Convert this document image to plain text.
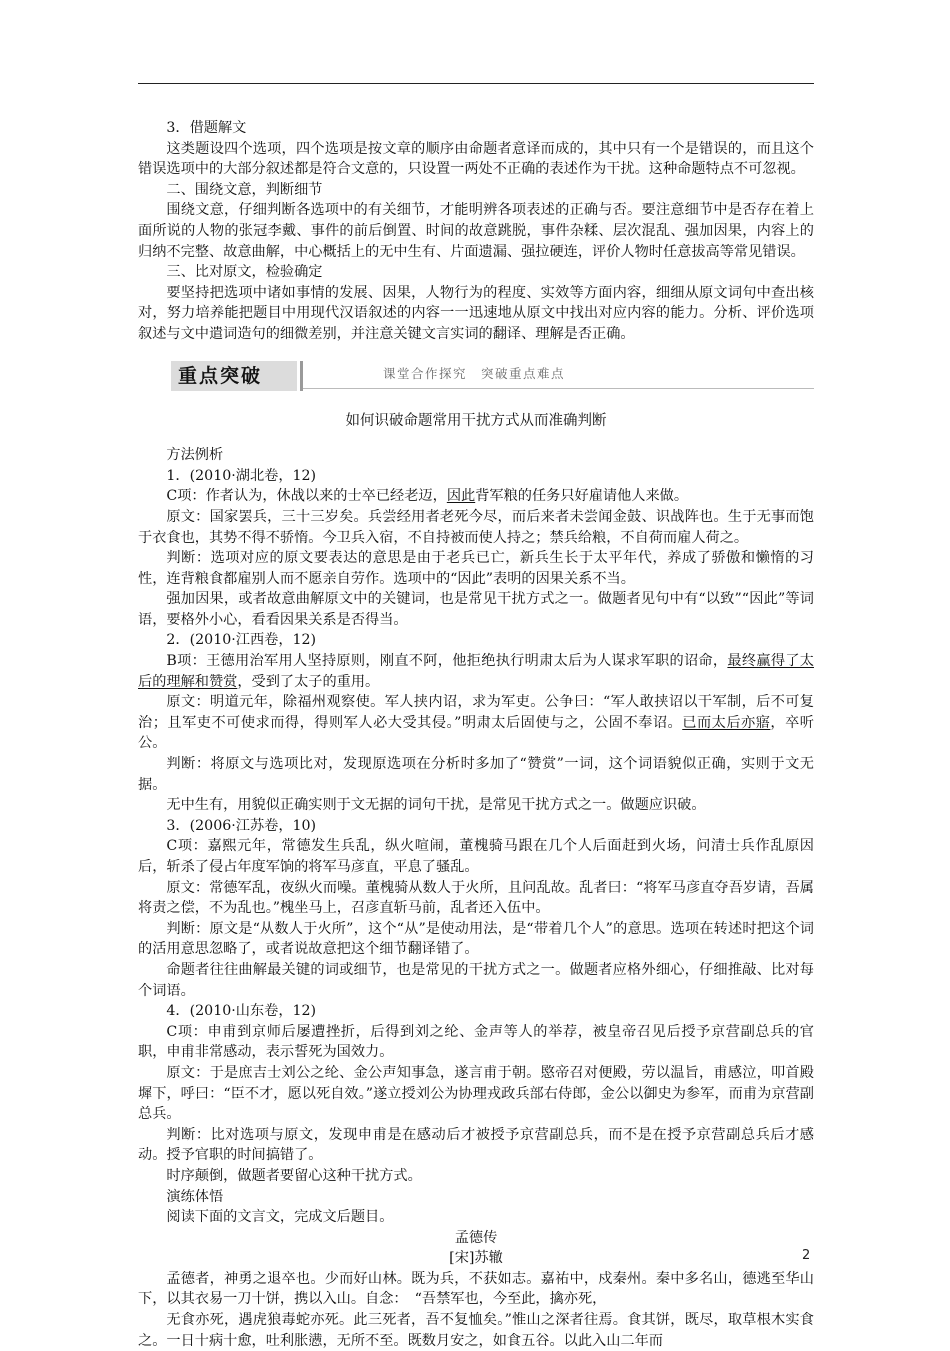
3．借题解文

这类题设四个选项，四个选项是按文章的顺序由命题者意译而成的，其中只有一个是错误的，而且这个错误选项中的大部分叙述都是符合文意的，只设置一两处不正确的表述作为干扰。这种命题特点不可忽视。

二、围绕文意，判断细节

围绕文意，仔细判断各选项中的有关细节，才能明辨各项表述的正确与否。要注意细节中是否存在着上面所说的人物的张冠李戴、事件的前后倒置、时间的故意跳脱，事件杂糅、层次混乱、强加因果，内容上的归纳不完整、故意曲解，中心概括上的无中生有、片面遗漏、强拉硬连，评价人物时任意拔高等常见错误。

三、比对原文，检验确定

要坚持把选项中诸如事情的发展、因果，人物行为的程度、实效等方面内容，细细从原文词句中查出核对，努力培养能把题目中用现代汉语叙述的内容一一迅速地从原文中找出对应内容的能力。分析、评价选项叙述与文中遣词造句的细微差别，并注意关键文言实词的翻译、理解是否正确。

重点突破	课堂合作探究　突破重点难点

如何识破命题常用干扰方式从而准确判断

方法例析

1．(2010·湖北卷，12)

C项：作者认为，休战以来的士卒已经老迈，因此背军粮的任务只好雇请他人来做。

原文：国家罢兵，三十三岁矣。兵尝经用者老死今尽，而后来者未尝闻金鼓、识战阵也。生于无事而饱于衣食也，其势不得不骄惰。今卫兵入宿，不自持被而使人持之；禁兵给粮，不自荷而雇人荷之。

判断：选项对应的原文要表达的意思是由于老兵已亡，新兵生长于太平年代，养成了骄傲和懒惰的习性，连背粮食都雇别人而不愿亲自劳作。选项中的“因此”表明的因果关系不当。

强加因果，或者故意曲解原文中的关键词，也是常见干扰方式之一。做题者见句中有“以致”“因此”等词语，要格外小心，看看因果关系是否得当。

2．(2010·江西卷，12)

B项：王德用治军用人坚持原则，刚直不阿，他拒绝执行明肃太后为人谋求军职的诏命，最终赢得了太后的理解和赞赏，受到了太子的重用。

原文：明道元年，除福州观察使。军人挟内诏，求为军吏。公争曰：“军人敢挟诏以干军制，后不可复治；且军吏不可使求而得，得则军人必大受其侵。”明肃太后固使与之，公固不奉诏。已而太后亦寤，卒听公。

判断：将原文与选项比对，发现原选项在分析时多加了“赞赏”一词，这个词语貌似正确，实则于文无据。

无中生有，用貌似正确实则于文无据的词句干扰，是常见干扰方式之一。做题应识破。

3．(2006·江苏卷，10)

C项：嘉熙元年，常德发生兵乱，纵火喧闹，董槐骑马跟在几个人后面赶到火场，问清士兵作乱原因后，斩杀了侵占年度军饷的将军马彦直，平息了骚乱。

原文：常德军乱，夜纵火而噪。董槐骑从数人于火所，且问乱故。乱者曰：“将军马彦直夺吾岁请，吾属将责之偿，不为乱也。”槐坐马上，召彦直斩马前，乱者还入伍中。

判断：原文是“从数人于火所”，这个“从”是使动用法，是“带着几个人”的意思。选项在转述时把这个词的活用意思忽略了，或者说故意把这个细节翻译错了。

命题者往往曲解最关键的词或细节，也是常见的干扰方式之一。做题者应格外细心，仔细推敲、比对每个词语。

4．(2010·山东卷，12)

C项：申甫到京师后屡遭挫折，后得到刘之纶、金声等人的举荐，被皇帝召见后授予京营副总兵的官职，申甫非常感动，表示誓死为国效力。

原文：于是庶吉士刘公之纶、金公声知事急，遂言甫于朝。愍帝召对便殿，劳以温旨，甫感泣，叩首殿墀下，呼曰：“臣不才，愿以死自效。”遂立授刘公为协理戎政兵部右侍郎，金公以御史为参军，而甫为京营副总兵。

判断：比对选项与原文，发现申甫是在感动后才被授予京营副总兵，而不是在授予京营副总兵后才感动。授予官职的时间搞错了。

时序颠倒，做题者要留心这种干扰方式。

演练体悟

阅读下面的文言文，完成文后题目。

孟德传

[宋]苏辙

孟德者，神勇之退卒也。少而好山林。既为兵，不获如志。嘉祐中，戍秦州。秦中多名山，德逃至华山下，以其衣易一刀十饼，携以入山。自念：　“吾禁军也，今至此，擒亦死，

无食亦死，遇虎狼毒蛇亦死。此三死者，吾不复恤矣。”惟山之深者往焉。食其饼，既尽，取草根木实食之。一日十病十愈，吐利胀懑，无所不至。既数月安之，如食五谷。以此入山二年而

2
